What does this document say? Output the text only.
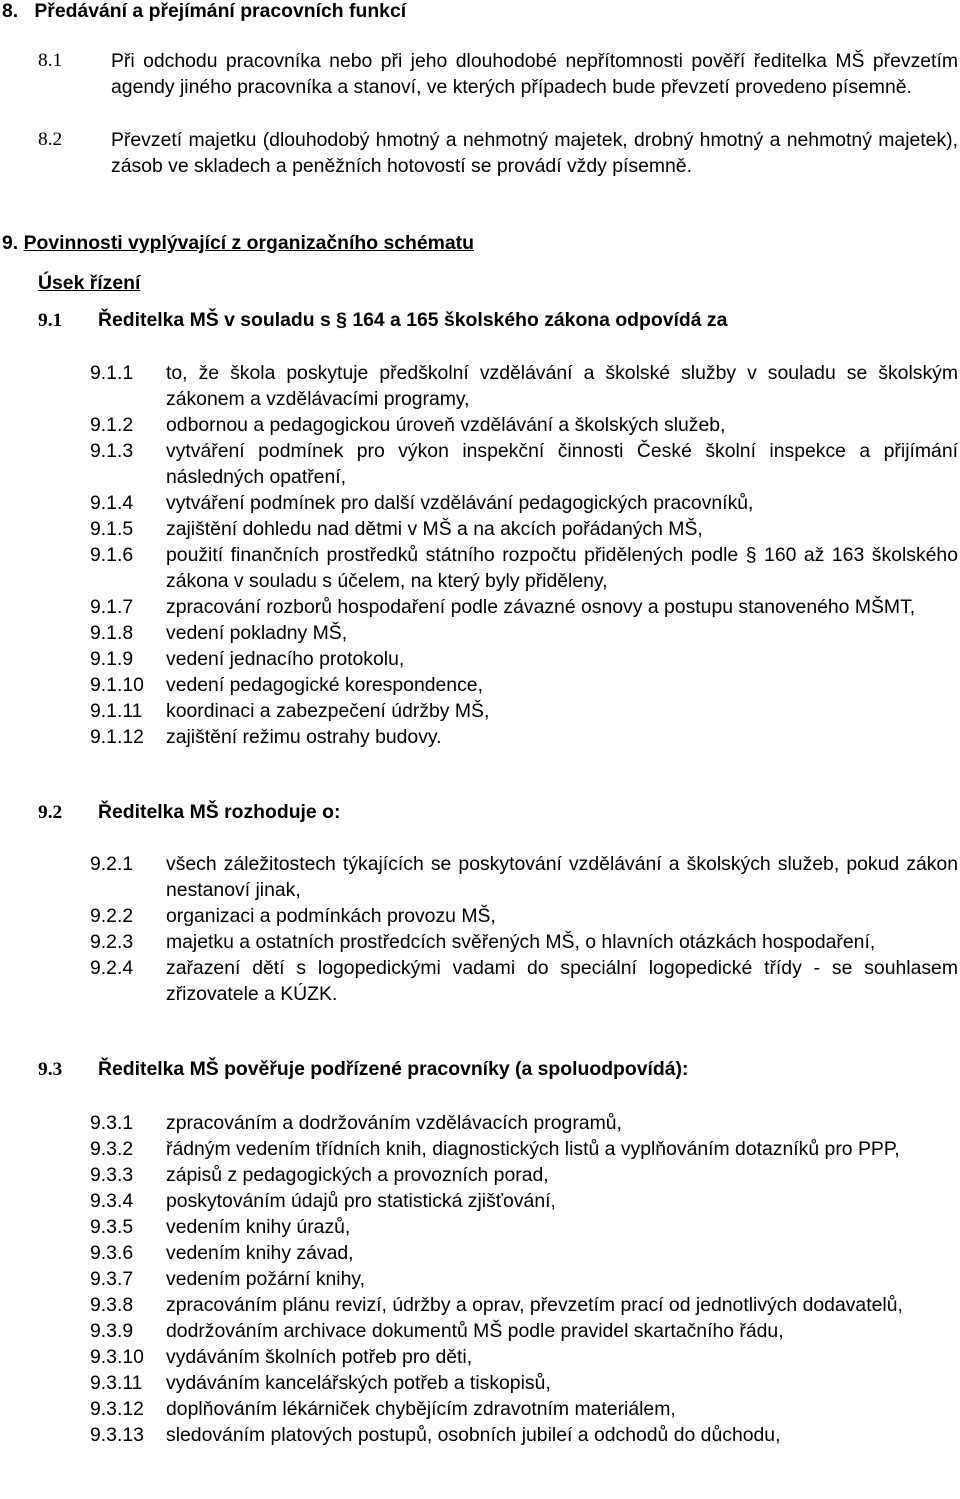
8. Předávání a přejímání pracovních funkcí
8.1	Při odchodu pracovníka nebo při jeho dlouhodobé nepřítomnosti pověří ředitelka MŠ převzetím agendy jiného pracovníka a stanoví, ve kterých případech bude převzetí provedeno písemně.
8.2	Převzetí majetku (dlouhodobý hmotný a nehmotný majetek, drobný hmotný a nehmotný majetek), zásob ve skladech a peněžních hotovostí se provádí vždy písemně.
9. Povinnosti vyplývající z organizačního schématu
Úsek řízení
9.1 Ředitelka MŠ v souladu s § 164 a 165 školského zákona odpovídá za
9.1.1	to, že škola poskytuje předškolní vzdělávání a školské služby v souladu se školským zákonem a vzdělávacími programy,
9.1.2	odbornou a pedagogickou úroveň vzdělávání a školských služeb,
9.1.3	vytváření podmínek pro výkon inspekční činnosti České školní inspekce a přijímání následných opatření,
9.1.4	vytváření podmínek pro další vzdělávání pedagogických pracovníků,
9.1.5	zajištění dohledu nad dětmi v MŠ a na akcích pořádaných MŠ,
9.1.6	použití finančních prostředků státního rozpočtu přidělených podle § 160 až 163 školského zákona v souladu s účelem, na který byly přiděleny,
9.1.7	zpracování rozborů hospodaření podle závazné osnovy a postupu stanoveného MŠMT,
9.1.8	vedení pokladny MŠ,
9.1.9	vedení jednacího protokolu,
9.1.10	vedení pedagogické korespondence,
9.1.11	koordinaci a zabezpečení údržby MŠ,
9.1.12	zajištění režimu ostrahy budovy.
9.2 Ředitelka MŠ rozhoduje o:
9.2.1	všech záležitostech týkajících se poskytování vzdělávání a školských služeb, pokud zákon nestanoví jinak,
9.2.2	organizaci a podmínkách provozu MŠ,
9.2.3	majetku a ostatních prostředcích svěřených MŠ, o hlavních otázkách hospodaření,
9.2.4	zařazení dětí s logopedickými vadami do speciální logopedické třídy - se souhlasem zřizovatele a KÚZK.
9.3 Ředitelka MŠ pověřuje podřízené pracovníky (a spoluodpovídá):
9.3.1	zpracováním a dodržováním vzdělávacích programů,
9.3.2	řádným vedením třídních knih, diagnostických listů a vyplňováním dotazníků pro PPP,
9.3.3	zápisů z pedagogických a provozních porad,
9.3.4	poskytováním údajů pro statistická zjišťování,
9.3.5	vedením knihy úrazů,
9.3.6	vedením knihy závad,
9.3.7	vedením požární knihy,
9.3.8	zpracováním plánu revizí, údržby a oprav, převzetím prací od jednotlivých dodavatelů,
9.3.9	dodržováním archivace dokumentů MŠ podle pravidel skartačního řádu,
9.3.10	vydáváním školních potřeb pro děti,
9.3.11	vydáváním kancelářských potřeb a tiskopisů,
9.3.12	doplňováním lékárniček chybějícím zdravotním materiálem,
9.3.13	sledováním platových postupů, osobních jubileí a odchodů do důchodu,
